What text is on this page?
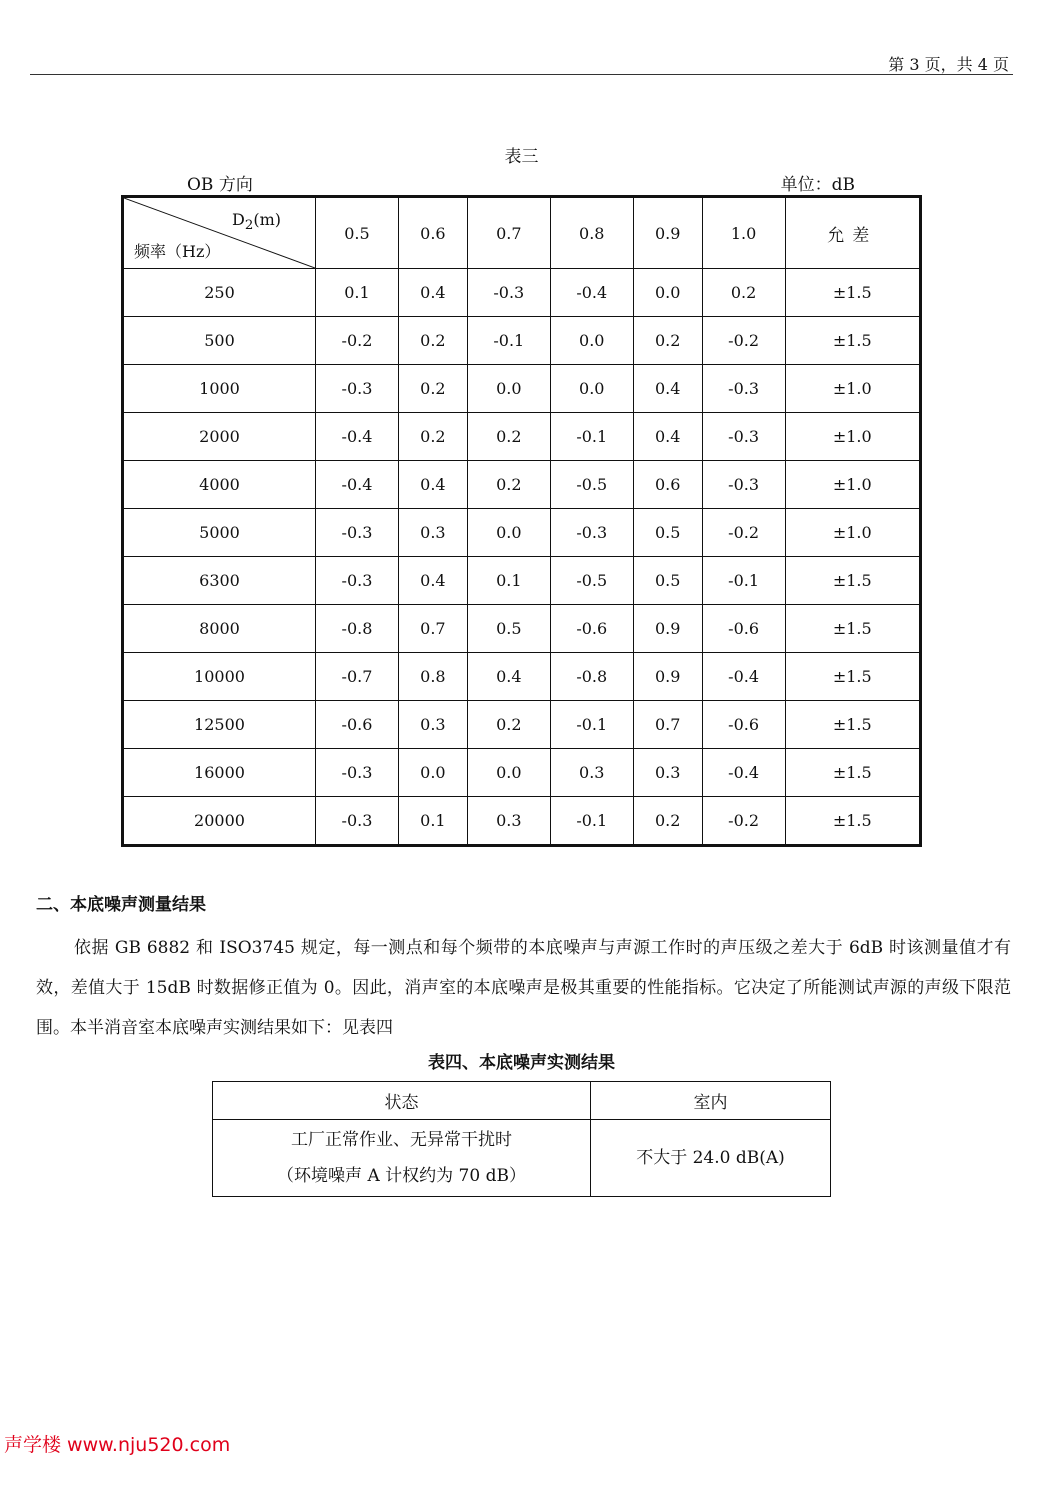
第 3 页，共 4 页
表三
OB 方向	单位：dB
$D_2(m)$
频率（Hz）	0.5	0.6	0.7	0.8	0.9	1.0	允差
250	0.1	0.4	-0.3	-0.4	0.0	0.2	±1.5
500	-0.2	0.2	-0.1	0.0	0.2	-0.2	±1.5
1000	-0.3	0.2	0.0	0.0	0.4	-0.3	±1.0
2000	-0.4	0.2	0.2	-0.1	0.4	-0.3	±1.0
4000	-0.4	0.4	0.2	-0.5	0.6	-0.3	±1.0
5000	-0.3	0.3	0.0	-0.3	0.5	-0.2	±1.0
6300	-0.3	0.4	0.1	-0.5	0.5	-0.1	±1.5
8000	-0.8	0.7	0.5	-0.6	0.9	-0.6	±1.5
10000	-0.7	0.8	0.4	-0.8	0.9	-0.4	±1.5
12500	-0.6	0.3	0.2	-0.1	0.7	-0.6	±1.5
16000	-0.3	0.0	0.0	0.3	0.3	-0.4	±1.5
20000	-0.3	0.1	0.3	-0.1	0.2	-0.2	±1.5
二、本底噪声测量结果
依据 GB 6882 和 ISO3745 规定，每一测点和每个频带的本底噪声与声源工作时的声压级之差大于 6dB 时该测量值才有效，差值大于 15dB 时数据修正值为 0。因此，消声室的本底噪声是极其重要的性能指标。它决定了所能测试声源的声级下限范围。本半消音室本底噪声实测结果如下：见表四
表四、本底噪声实测结果
状态	室内

工厂正常作业、无异常干扰时
（环境噪声 A 计权约为 70 dB）	不大于 24.0 dB(A)
声学楼 www.nju520.com
